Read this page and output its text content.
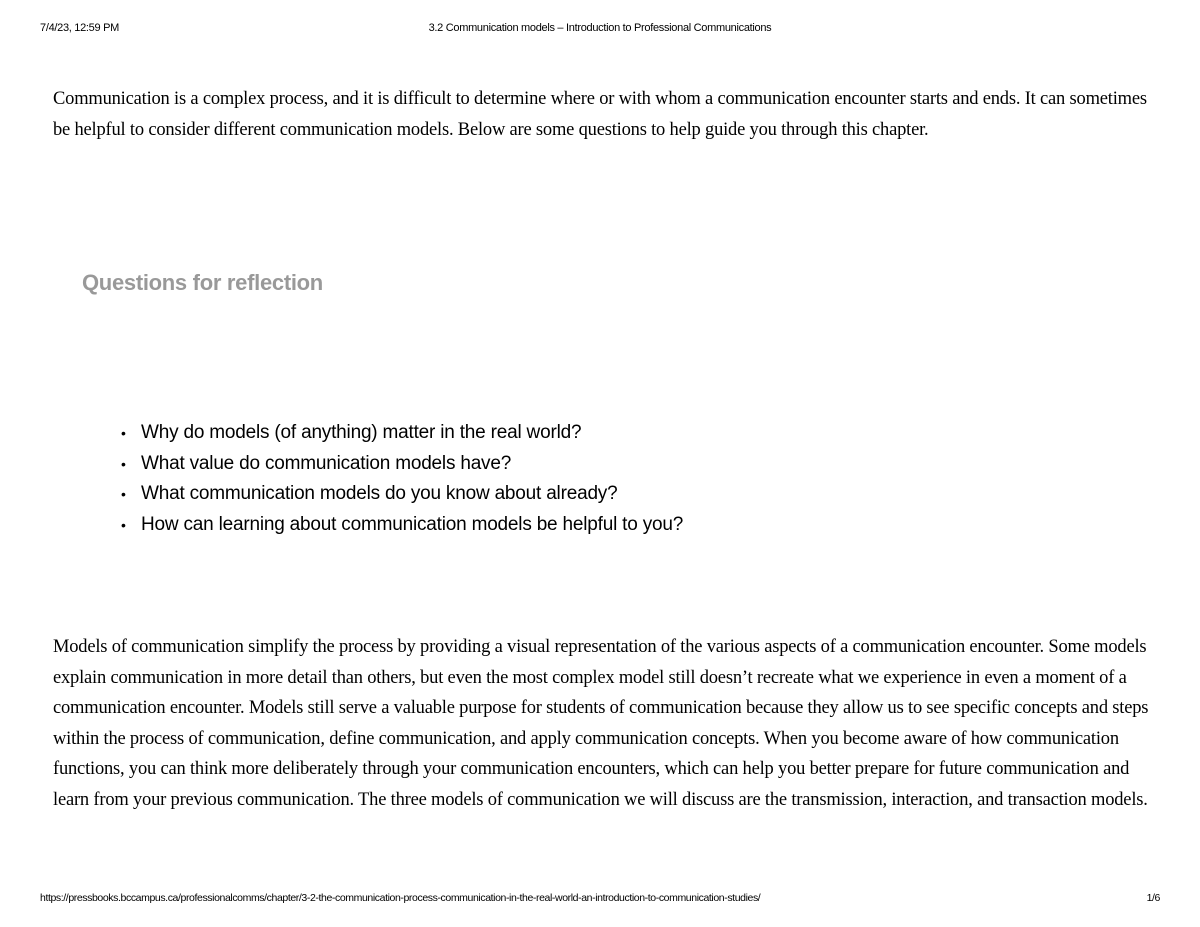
7/4/23, 12:59 PM	3.2 Communication models – Introduction to Professional Communications

Communication is a complex process, and it is difficult to determine where or with whom a communication encounter starts and ends. It can sometimes be helpful to consider different communication models. Below are some questions to help guide you through this chapter.

Questions for reflection
• Why do models (of anything) matter in the real world?
• What value do communication models have?
• What communication models do you know about already?
• How can learning about communication models be helpful to you?

Models of communication simplify the process by providing a visual representation of the various aspects of a communication encounter. Some models explain communication in more detail than others, but even the most complex model still doesn’t recreate what we experience in even a moment of a communication encounter. Models still serve a valuable purpose for students of communication because they allow us to see specific concepts and steps within the process of communication, define communication, and apply communication concepts. When you become aware of how communication functions, you can think more deliberately through your communication encounters, which can help you better prepare for future communication and learn from your previous communication. The three models of communication we will discuss are the transmission, interaction, and transaction models.

https://pressbooks.bccampus.ca/professionalcomms/chapter/3-2-the-communication-process-communication-in-the-real-world-an-introduction-to-communication-studies/	1/6
